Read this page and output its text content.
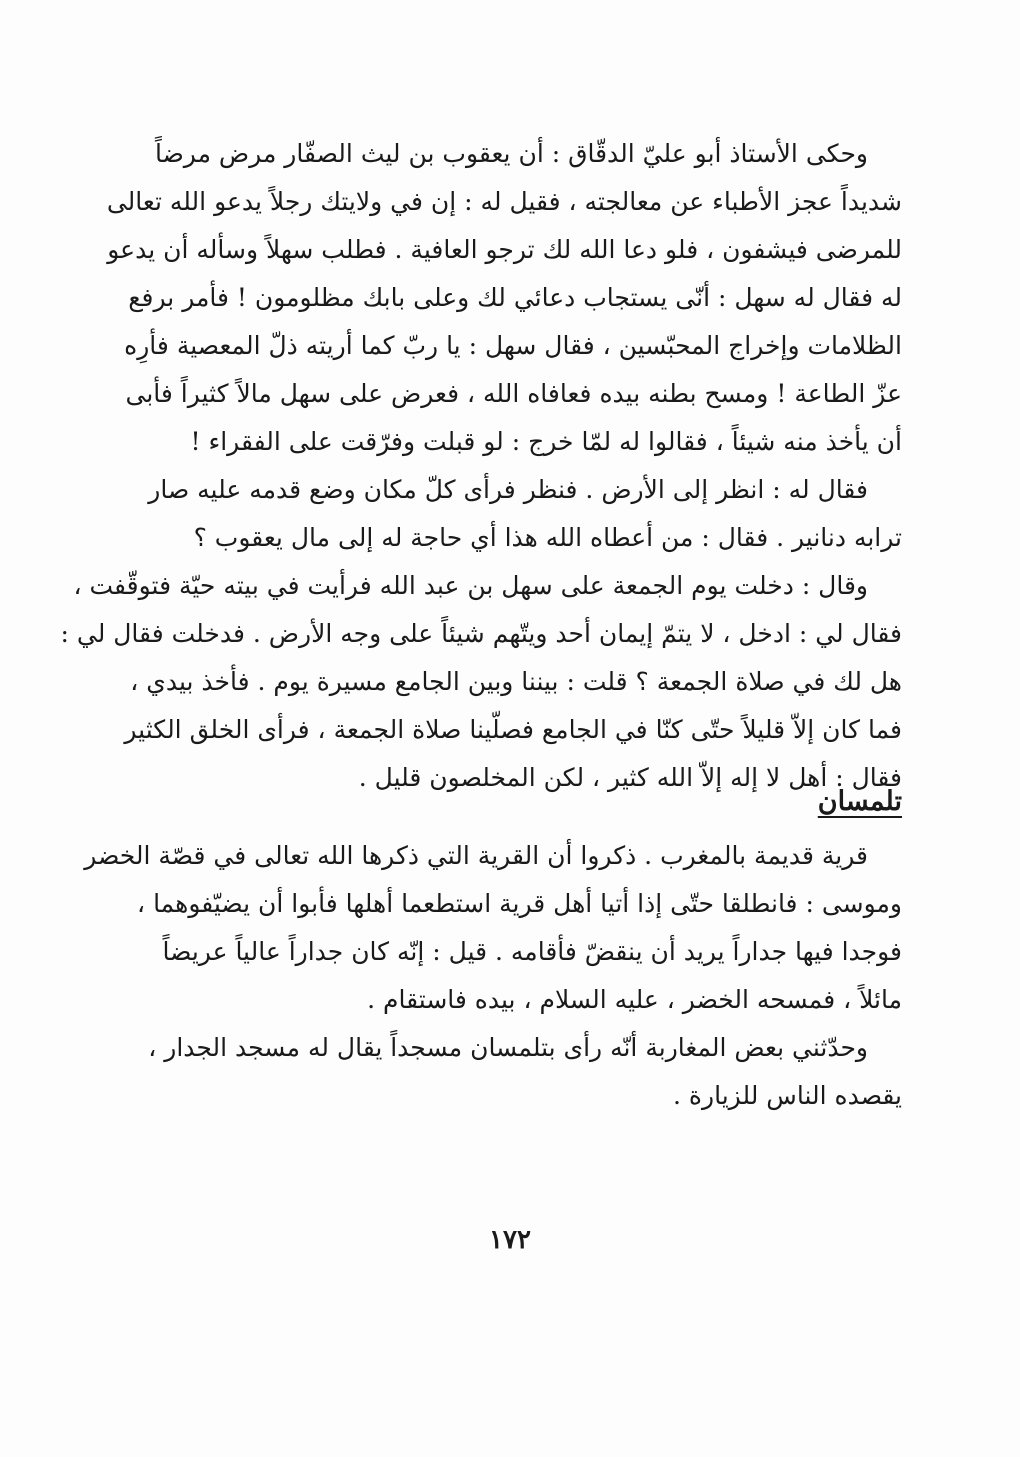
وحكى الأستاذ أبو عليّ الدقّاق : أن يعقوب بن ليث الصفّار مرض مرضاً
شديداً عجز الأطباء عن معالجته ، فقيل له : إن في ولايتك رجلاً يدعو الله تعالى
للمرضى فيشفون ، فلو دعا الله لك ترجو العافية . فطلب سهلاً وسأله أن يدعو
له فقال له سهل : أنّى يستجاب دعائي لك وعلى بابك مظلومون ! فأمر برفع
الظلامات وإخراج المحبّسين ، فقال سهل : يا ربّ كما أريته ذلّ المعصية فأرِه
عزّ الطاعة ! ومسح بطنه بيده فعافاه الله ، فعرض على سهل مالاً كثيراً فأبى
أن يأخذ منه شيئاً ، فقالوا له لمّا خرج : لو قبلت وفرّقت على الفقراء !
فقال له : انظر إلى الأرض . فنظر فرأى كلّ مكان وضع قدمه عليه صار
ترابه دنانير . فقال : من أعطاه الله هذا أي حاجة له إلى مال يعقوب ؟
وقال : دخلت يوم الجمعة على سهل بن عبد الله فرأيت في بيته حيّة فتوقّفت ،
فقال لي : ادخل ، لا يتمّ إيمان أحد ويتّهم شيئاً على وجه الأرض . فدخلت فقال لي :
هل لك في صلاة الجمعة ؟ قلت : بيننا وبين الجامع مسيرة يوم . فأخذ بيدي ،
فما كان إلاّ قليلاً حتّى كنّا في الجامع فصلّينا صلاة الجمعة ، فرأى الخلق الكثير
فقال : أهل لا إله إلاّ الله كثير ، لكن المخلصون قليل .
تلمسان
قرية قديمة بالمغرب . ذكروا أن القرية التي ذكرها الله تعالى في قصّة الخضر
وموسى : فانطلقا حتّى إذا أتيا أهل قرية استطعما أهلها فأبوا أن يضيّفوهما ،
فوجدا فيها جداراً يريد أن ينقضّ فأقامه . قيل : إنّه كان جداراً عالياً عريضاً
مائلاً ، فمسحه الخضر ، عليه السلام ، بيده فاستقام .
وحدّثني بعض المغاربة أنّه رأى بتلمسان مسجداً يقال له مسجد الجدار ،
يقصده الناس للزيارة .
١٧٢
